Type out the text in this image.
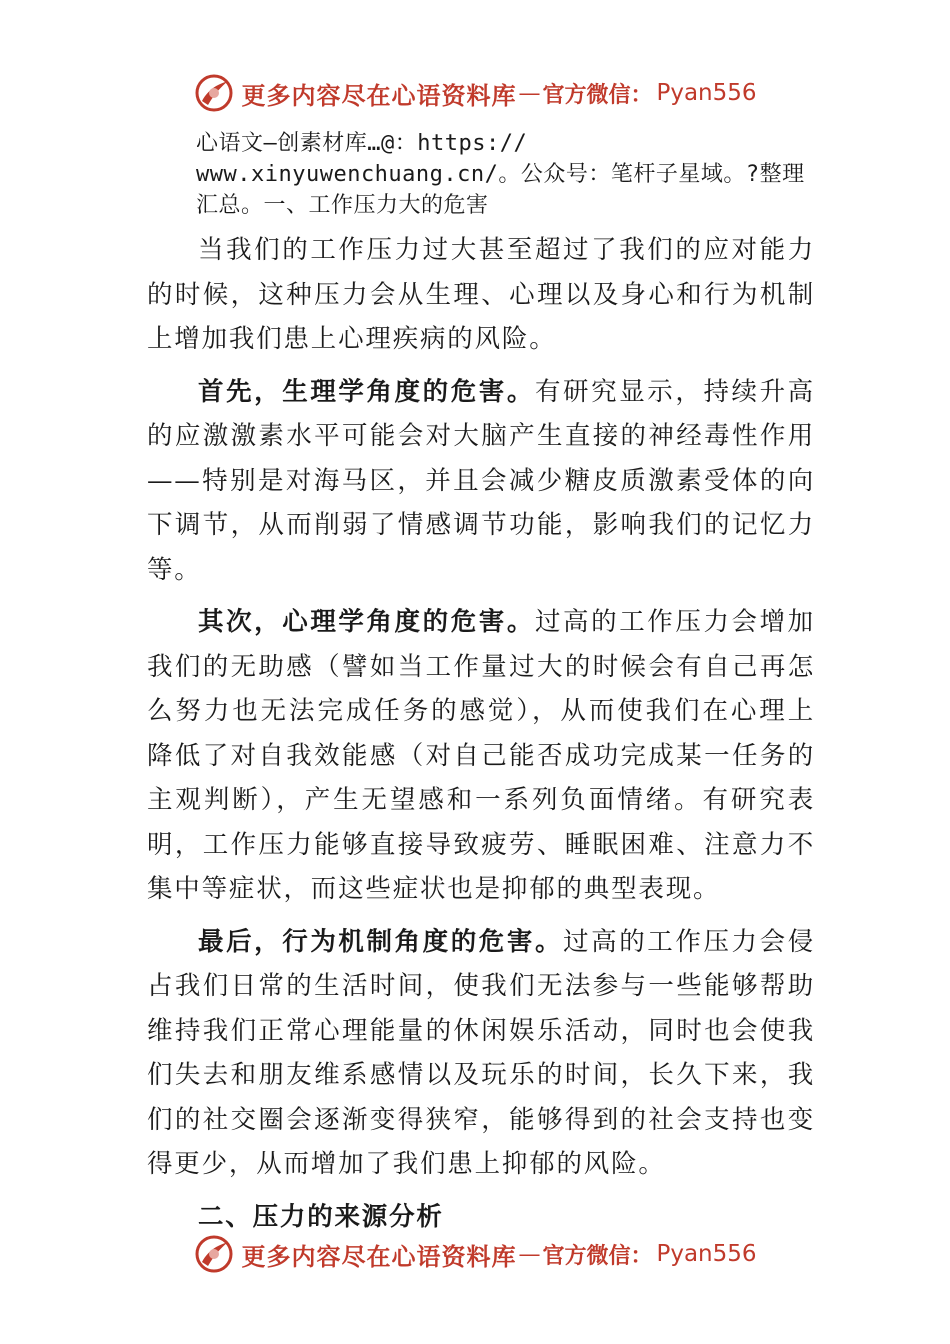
更多内容尽在心语资料库 — 官方微信： Pyan556
心语文—创素材库…@：https://
www.xinyuwenchuang.cn/。公众号：笔杆子星域。?整理
汇总。一、工作压力大的危害

当我们的工作压力过大甚至超过了我们的应对能力的时候，这种压力会从生理、心理以及身心和行为机制上增加我们患上心理疾病的风险。

首先，生理学角度的危害。有研究显示，持续升高的应激激素水平可能会对大脑产生直接的神经毒性作用——特别是对海马区，并且会减少糖皮质激素受体的向下调节，从而削弱了情感调节功能，影响我们的记忆力等。

其次，心理学角度的危害。过高的工作压力会增加我们的无助感（譬如当工作量过大的时候会有自己再怎么努力也无法完成任务的感觉），从而使我们在心理上降低了对自我效能感（对自己能否成功完成某一任务的主观判断），产生无望感和一系列负面情绪。有研究表明，工作压力能够直接导致疲劳、睡眠困难、注意力不集中等症状，而这些症状也是抑郁的典型表现。

最后，行为机制角度的危害。过高的工作压力会侵占我们日常的生活时间，使我们无法参与一些能够帮助维持我们正常心理能量的休闲娱乐活动，同时也会使我们失去和朋友维系感情以及玩乐的时间，长久下来，我们的社交圈会逐渐变得狭窄，能够得到的社会支持也变得更少，从而增加了我们患上抑郁的风险。

二、压力的来源分析

更多内容尽在心语资料库 — 官方微信： Pyan556
